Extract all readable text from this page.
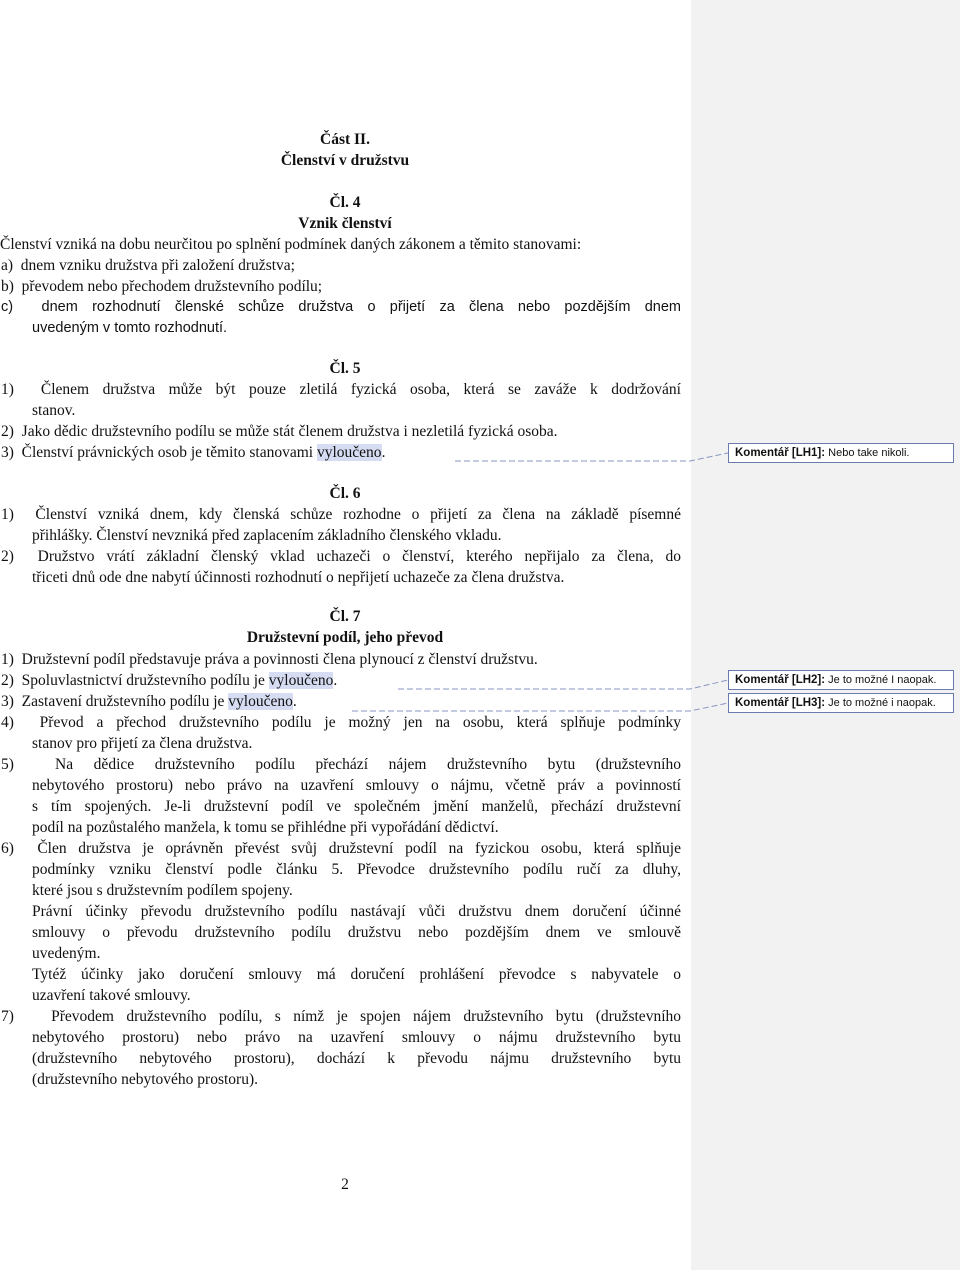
Část II.
Členství v družstvu
Čl. 4
Vznik členství
Členství vzniká na dobu neurčitou po splnění podmínek daných zákonem a těmito stanovami:
a)  dnem vzniku družstva při založení družstva;
b)  převodem nebo přechodem družstevního podílu;
c)  dnem rozhodnutí členské schůze družstva o přijetí za člena nebo pozdějším dnem
uvedeným v tomto rozhodnutí.
Čl. 5
1)  Členem družstva může být pouze zletilá fyzická osoba, která se zaváže k dodržování
stanov.
2)  Jako dědic družstevního podílu se může stát členem družstva i nezletilá fyzická osoba.
3)  Členství právnických osob je těmito stanovami vyloučeno.
Čl. 6
1)  Členství vzniká dnem, kdy členská schůze rozhodne o přijetí za člena na základě písemné
přihlášky. Členství nevzniká před zaplacením základního členského vkladu.
2)  Družstvo vrátí základní členský vklad uchazeči o členství, kterého nepřijalo za člena, do
třiceti dnů ode dne nabytí účinnosti rozhodnutí o nepřijetí uchazeče za člena družstva.
Čl. 7
Družstevní podíl, jeho převod
1)  Družstevní podíl představuje práva a povinnosti člena plynoucí z členství družstvu.
2)  Spoluvlastnictví družstevního podílu je vyloučeno.
3)  Zastavení družstevního podílu je vyloučeno.
4)  Převod a přechod družstevního podílu je možný jen na osobu, která splňuje podmínky
stanov pro přijetí za člena družstva.
5)  Na dědice družstevního podílu přechází nájem družstevního bytu (družstevního
nebytového prostoru) nebo právo na uzavření smlouvy o nájmu, včetně práv a povinností
s tím spojených. Je-li družstevní podíl ve společném jmění manželů, přechází družstevní
podíl na pozůstalého manžela, k tomu se přihlédne při vypořádání dědictví.
6)  Člen družstva je oprávněn převést svůj družstevní podíl na fyzickou osobu, která splňuje
podmínky vzniku členství podle článku 5. Převodce družstevního podílu ručí za dluhy,
které jsou s družstevním podílem spojeny.
Právní účinky převodu družstevního podílu nastávají vůči družstvu dnem doručení účinné
smlouvy o převodu družstevního podílu družstvu nebo pozdějším dnem ve smlouvě
uvedeným.
Tytéž účinky jako doručení smlouvy má doručení prohlášení převodce s nabyvatele o
uzavření takové smlouvy.
7)   Převodem družstevního podílu, s nímž je spojen nájem družstevního bytu (družstevního
nebytového prostoru) nebo právo na uzavření smlouvy o nájmu družstevního bytu
(družstevního nebytového prostoru), dochází k převodu nájmu družstevního bytu
(družstevního nebytového prostoru).
2
Komentář [LH1]: Nebo take nikoli.
Komentář [LH2]: Je to možné I naopak.
Komentář [LH3]: Je to možné i naopak.
